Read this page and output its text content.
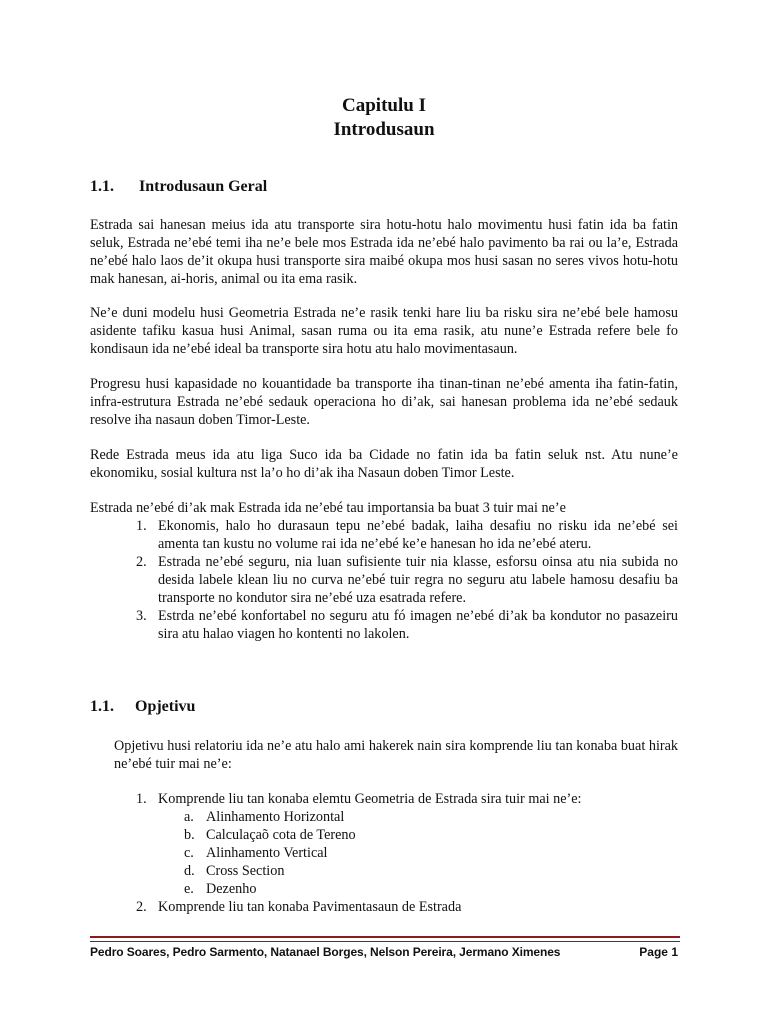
Capitulu I
Introdusaun
1.1. Introdusaun Geral

Estrada sai hanesan meius ida atu transporte sira hotu-hotu halo movimentu husi fatin ida ba fatin seluk, Estrada ne’ebé temi iha ne’e bele mos Estrada ida ne’ebé halo pavimento ba rai ou la’e, Estrada ne’ebé halo laos de’it okupa husi transporte sira maibé okupa mos husi sasan no seres vivos hotu-hotu mak hanesan, ai-horis, animal ou ita ema rasik.

Ne’e duni modelu husi Geometria Estrada ne’e rasik tenki hare liu ba risku sira ne’ebé bele hamosu asidente tafiku kasua husi Animal, sasan ruma ou ita ema rasik, atu nune’e Estrada refere bele fo kondisaun ida ne’ebé ideal ba transporte sira hotu atu halo movimentasaun.

Progresu husi kapasidade no kouantidade ba transporte iha tinan-tinan ne’ebé amenta iha fatin-fatin, infra-estrutura Estrada ne’ebé sedauk operaciona ho di’ak, sai hanesan problema ida ne’ebé sedauk resolve iha nasaun doben Timor-Leste.

Rede Estrada meus ida atu liga Suco ida ba Cidade no fatin ida ba fatin seluk nst. Atu nune’e ekonomiku, sosial kultura nst la’o ho di’ak iha Nasaun doben Timor Leste.

Estrada ne’ebé di’ak mak Estrada ida ne’ebé tau importansia ba buat 3 tuir mai ne’e

1. Ekonomis, halo ho durasaun tepu ne’ebé badak, laiha desafiu no risku ida ne’ebé sei amenta tan kustu no volume rai ida ne’ebé ke’e hanesan ho ida ne’ebé ateru.
2. Estrada ne’ebé seguru, nia luan sufisiente tuir nia klasse, esforsu oinsa atu nia subida no desida labele klean liu no curva ne’ebé tuir regra no seguru atu labele hamosu desafiu ba transporte no kondutor sira ne’ebé uza esatrada refere.
3. Estrda ne’ebé konfortabel no seguru atu fó imagen ne’ebé di’ak ba kondutor no pasazeiru sira atu halao viagen ho kontenti no lakolen.
1.1. Opjetivu

Opjetivu husi relatoriu ida ne’e atu halo ami hakerek nain sira komprende liu tan konaba buat hirak ne’ebé tuir mai ne’e:

1. Komprende liu tan konaba elemtu Geometria de Estrada sira tuir mai ne’e:
a. Alinhamento Horizontal
b. Calculaçaõ cota de Tereno
c. Alinhamento Vertical
d. Cross Section
e. Dezenho
2. Komprende liu tan konaba Pavimentasaun de Estrada
Pedro Soares, Pedro Sarmento, Natanael Borges, Nelson Pereira, Jermano Ximenes	Page 1
